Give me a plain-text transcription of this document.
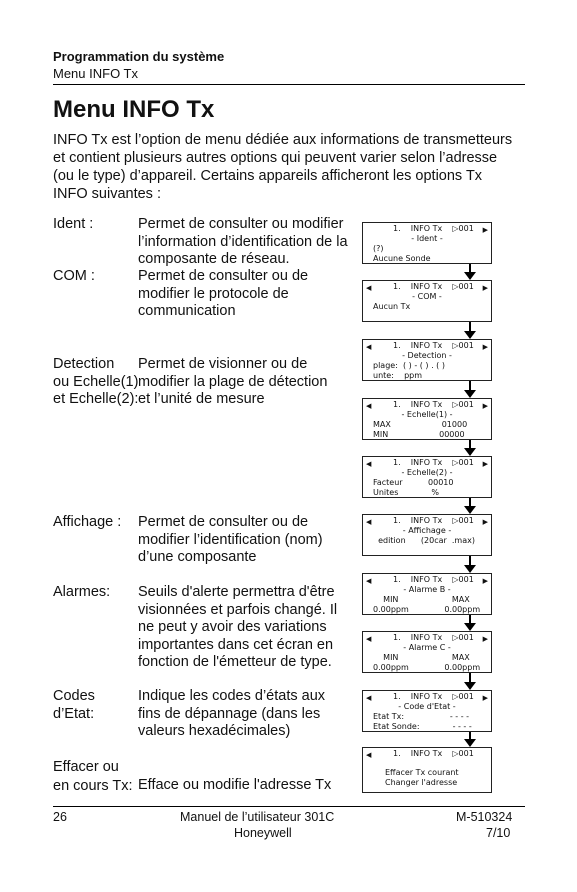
Programmation du système
Menu INFO Tx
Menu INFO Tx
INFO Tx est l’option de menu dédiée aux informations de transmetteurs et contient plusieurs autres options qui peuvent varier selon l’adresse (ou le type) d’appareil. Certains appareils afficheront les options Tx INFO suivantes :
Ident :	Permet de consulter ou modifier l’information d’identification de la composante de réseau.
COM :	Permet de consulter ou de modifier le protocole de communication
Detection
ou Echelle(1)
et Echelle(2):
Permet de visionner ou de
modifier la plage de détection
et l’unité de mesure
Affichage : Permet de consulter ou de modifier l’identification (nom) d’une composante
Alarmes: Seuils d'alerte permettra d'être visionnées et parfois changé. Il ne peut y avoir des variations importantes dans cet écran en fonction de l'émetteur de type.
Codes
d’Etat:
Indique les codes d’états aux fins de dépannage (dans les valeurs hexadécimales)
Effacer ou
en cours Tx: Efface ou modifie l'adresse Tx
▶
1.    INFO Tx    ▷001
- Ident -
(?)
Aucune Sonde
◀	▶
1.    INFO Tx    ▷001
- COM -
Aucun Tx
◀	▶
1.    INFO Tx    ▷001
- Detection -
plage:  ( ) - ( ) . ( )
unte:    ppm
◀	▶
1.    INFO Tx    ▷001
- Echelle(1) -
MAX                    01000
MIN                    00000
◀	▶
1.    INFO Tx    ▷001
- Echelle(2) -
Facteur          00010
Unites             %
◀	▶
1.    INFO Tx    ▷001
- Affichage -
edition      (20car  .max)
◀	▶
1.    INFO Tx    ▷001
- Alarme B -
MIN                     MAX
0.00ppm              0.00ppm
◀	▶
1.    INFO Tx    ▷001
- Alarme C -
MIN                     MAX
0.00ppm              0.00ppm
◀	▶
1.    INFO Tx    ▷001
- Code d'Etat -
Etat Tx:                  - - - -
Etat Sonde:             - - - -
◀	1.    INFO Tx    ▷001
Effacer Tx courant
Changer l'adresse
26	Manuel de l’utilisateur 301C
Honeywell
M-510324
7/10
